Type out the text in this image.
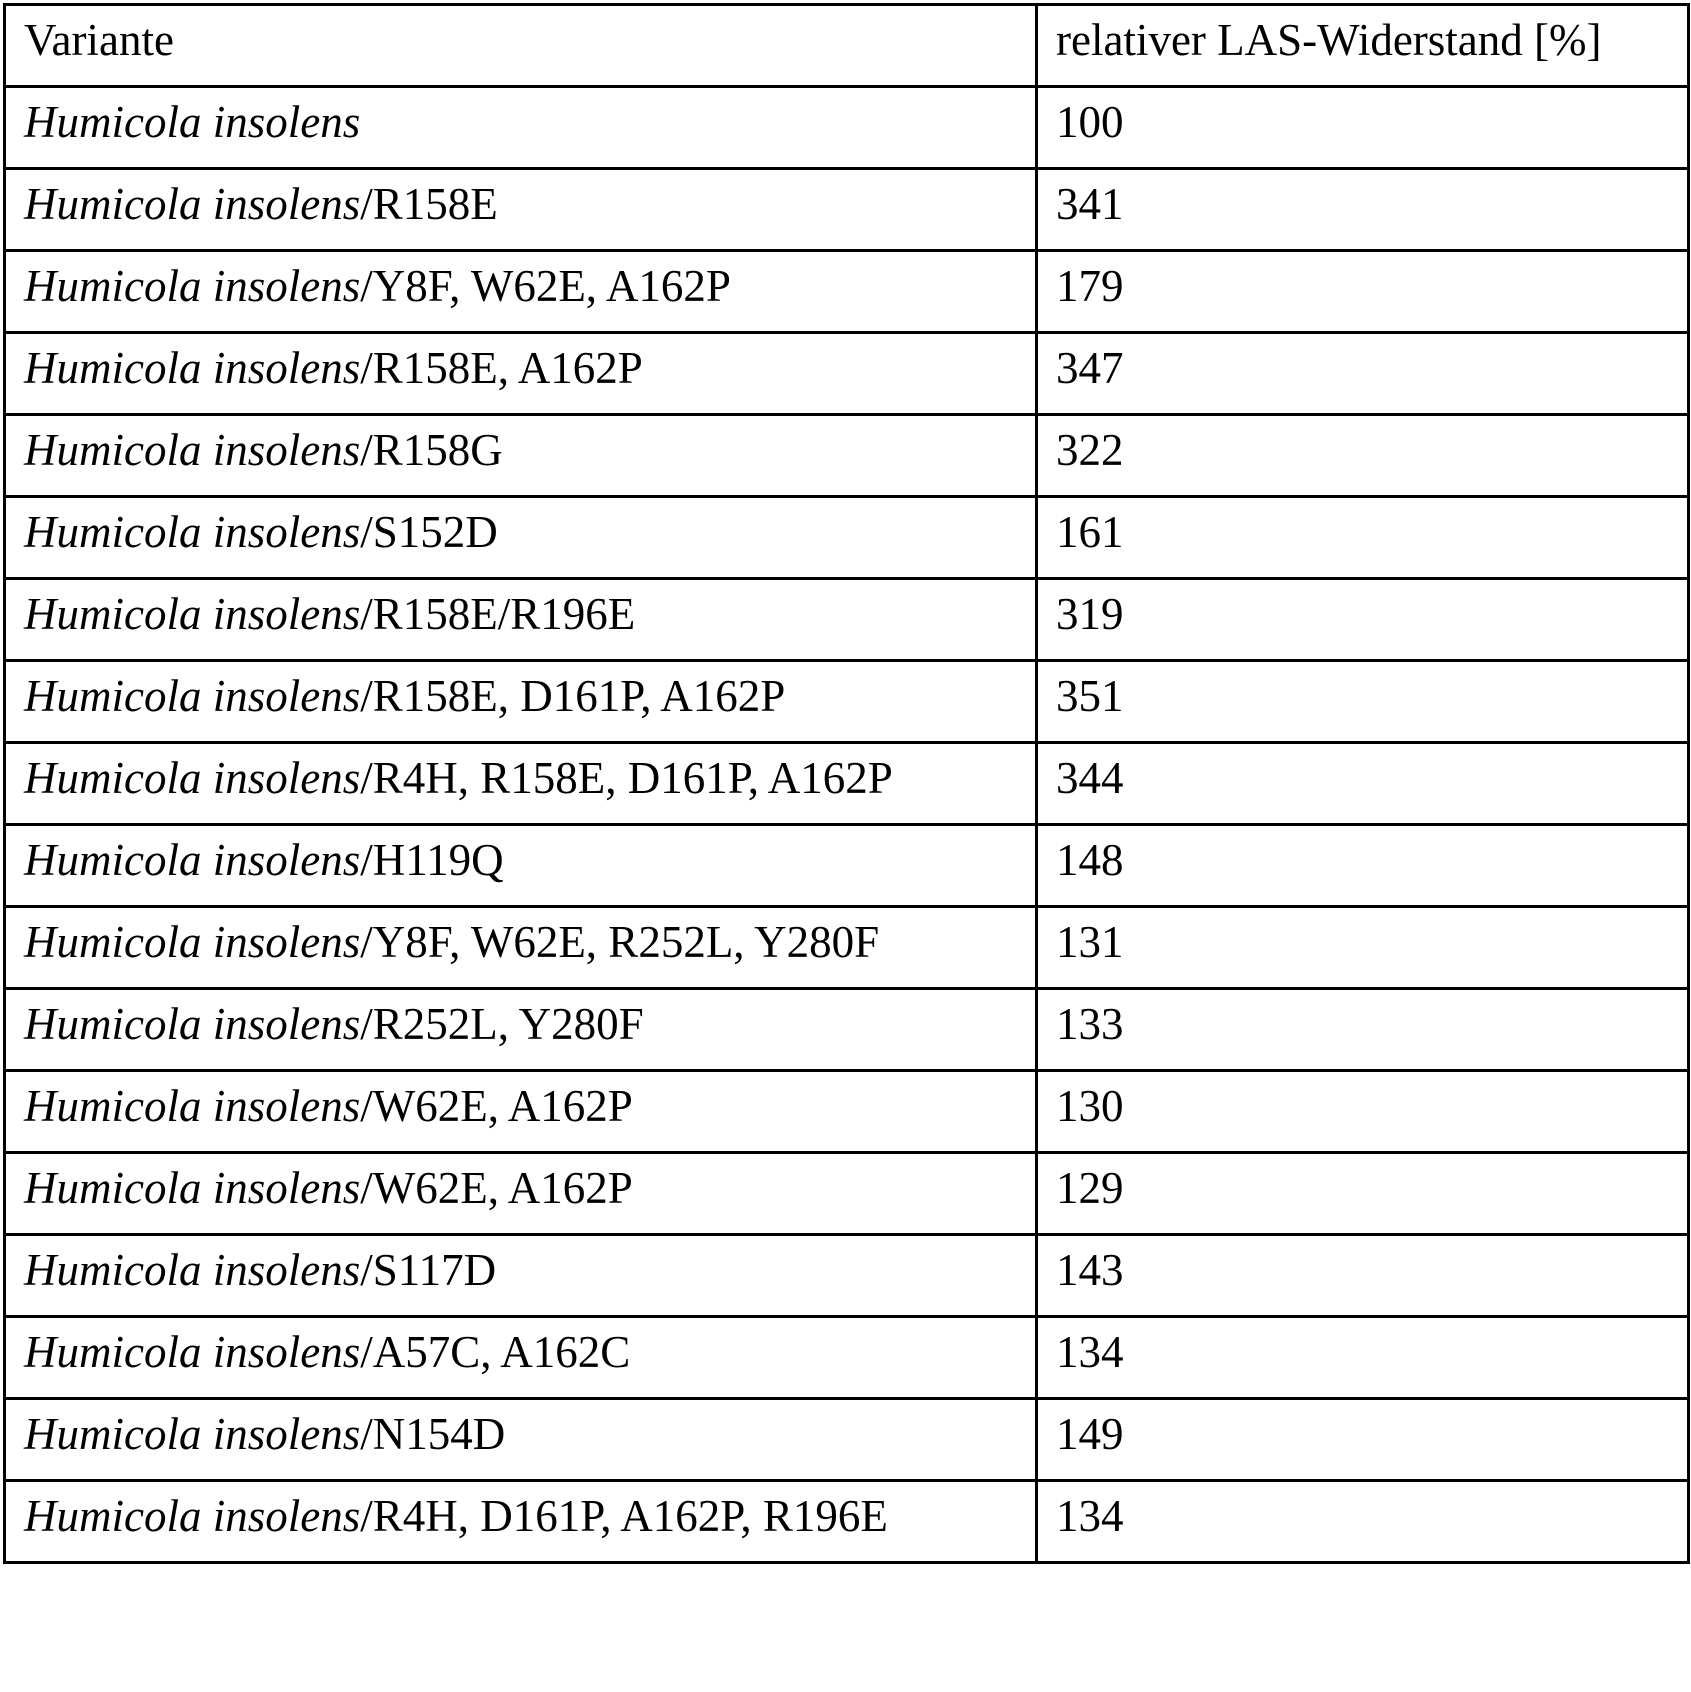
Variante	relativer LAS-Widerstand [%]

Humicola insolens	100

Humicola insolens/R158E	341

Humicola insolens/Y8F, W62E, A162P	179

Humicola insolens/R158E, A162P	347

Humicola insolens/R158G	322

Humicola insolens/S152D	161

Humicola insolens/R158E/R196E	319

Humicola insolens/R158E, D161P, A162P	351

Humicola insolens/R4H, R158E, D161P, A162P	344

Humicola insolens/H119Q	148

Humicola insolens/Y8F, W62E, R252L, Y280F	131

Humicola insolens/R252L, Y280F	133

Humicola insolens/W62E, A162P	130

Humicola insolens/W62E, A162P	129

Humicola insolens/S117D	143

Humicola insolens/A57C, A162C	134

Humicola insolens/N154D	149

Humicola insolens/R4H, D161P, A162P, R196E	134
